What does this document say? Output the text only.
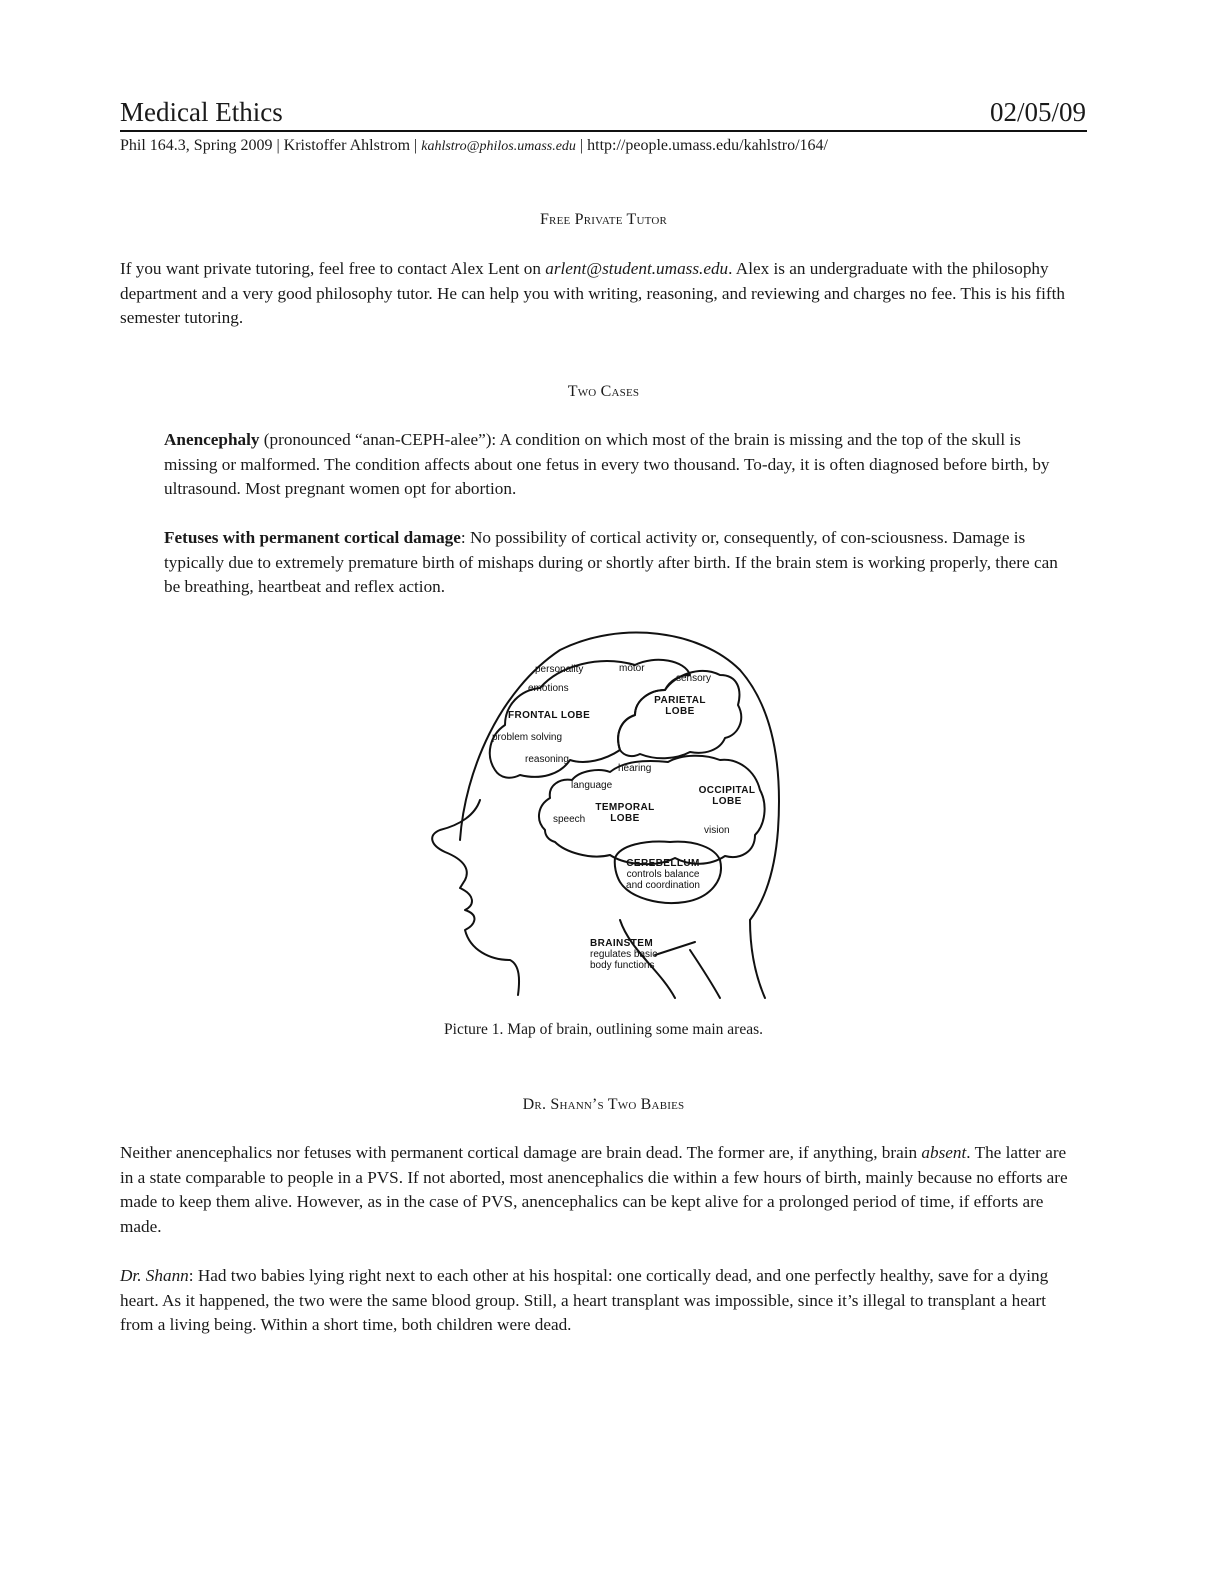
Medical Ethics	02/05/09
Phil 164.3, Spring 2009 | Kristoffer Ahlstrom | kahlstro@philos.umass.edu | http://people.umass.edu/kahlstro/164/
Free Private Tutor
If you want private tutoring, feel free to contact Alex Lent on arlent@student.umass.edu. Alex is an undergraduate with the philosophy department and a very good philosophy tutor. He can help you with writing, reasoning, and reviewing and charges no fee. This is his fifth semester tutoring.
Two Cases
Anencephaly (pronounced “anan-CEPH-alee”): A condition on which most of the brain is missing and the top of the skull is missing or malformed. The condition affects about one fetus in every two thousand. To-day, it is often diagnosed before birth, by ultrasound. Most pregnant women opt for abortion.
Fetuses with permanent cortical damage: No possibility of cortical activity or, consequently, of con-sciousness. Damage is typically due to extremely premature birth of mishaps during or shortly after birth. If the brain stem is working properly, there can be breathing, heartbeat and reflex action.
personality	motor
sensory
emotions
FRONTAL LOBE
PARIETAL
LOBE
problem solving
reasoning
hearing
language	OCCIPITAL
LOBE
TEMPORAL
LOBE
speech
vision
CEREBELLUM
controls balance
and coordination
BRAINSTEM
regulates basic
body functions
Picture 1. Map of brain, outlining some main areas.
Dr. Shann’s Two Babies
Neither anencephalics nor fetuses with permanent cortical damage are brain dead. The former are, if anything, brain absent. The latter are in a state comparable to people in a PVS. If not aborted, most anencephalics die within a few hours of birth, mainly because no efforts are made to keep them alive. However, as in the case of PVS, anencephalics can be kept alive for a prolonged period of time, if efforts are made.
Dr. Shann: Had two babies lying right next to each other at his hospital: one cortically dead, and one perfectly healthy, save for a dying heart. As it happened, the two were the same blood group. Still, a heart transplant was impossible, since it’s illegal to transplant a heart from a living being. Within a short time, both children were dead.
